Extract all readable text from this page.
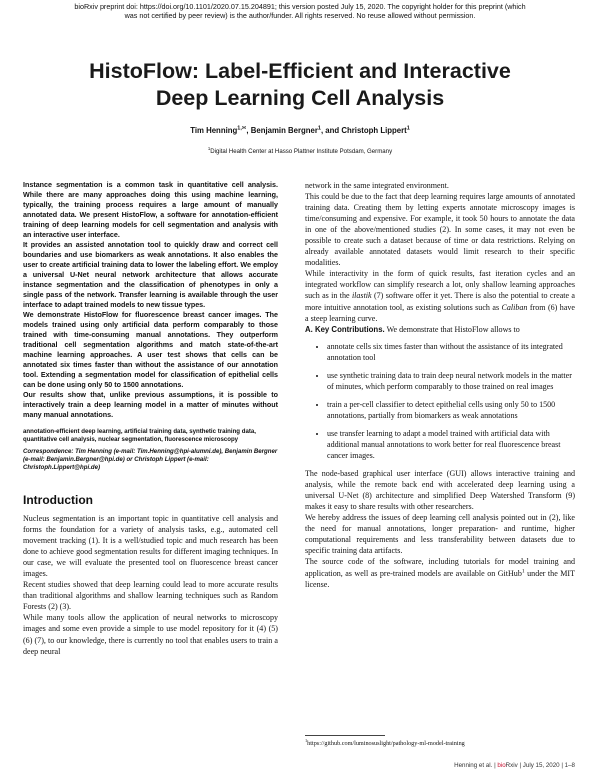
bioRxiv preprint doi: https://doi.org/10.1101/2020.07.15.204891; this version posted July 15, 2020. The copyright holder for this preprint (which

was not certified by peer review) is the author/funder. All rights reserved. No reuse allowed without permission.
HistoFlow: Label-Efficient and Interactive
Deep Learning Cell Analysis
Tim Henning$^{1,✉}$, Benjamin Bergner$^1$, and Christoph Lippert$^1$
$^1$Digital Health Center at Hasso Plattner Institute Potsdam, Germany

Instance segmentation is a common task in quantitative cell analysis. While there are many approaches doing this using machine learning, typically, the training process requires a large amount of manually annotated data. We present HistoFlow, a software for annotation-efficient training of deep learning models for cell segmentation and analysis with an interactive user interface.

It provides an assisted annotation tool to quickly draw and correct cell boundaries and use biomarkers as weak annotations. It also enables the user to create artificial training data to lower the labeling effort. We employ a universal U-Net neural network architecture that allows accurate instance segmentation and the classification of phenotypes in only a single pass of the network. Transfer learning is available through the user interface to adapt trained models to new tissue types.

We demonstrate HistoFlow for fluorescence breast cancer images. The models trained using only artificial data perform comparably to those trained with time-consuming manual annotations. They outperform traditional cell segmentation algorithms and match state-of-the-art machine learning approaches. A user test shows that cells can be annotated six times faster than without the assistance of our annotation tool. Extending a segmentation model for classification of epithelial cells can be done using only 50 to 1500 annotations.

Our results show that, unlike previous assumptions, it is possible to interactively train a deep learning model in a matter of minutes without many manual annotations.

annotation-efficient deep learning, artificial training data, synthetic training data, quantitative cell analysis, nuclear segmentation, fluorescence microscopy
Correspondence: Tim Henning (e-mail: Tim.Henning@hpi-alumni.de), Benjamin Bergner (e-mail: Benjamin.Bergner@hpi.de) or Christoph Lippert (e-mail: Christoph.Lippert@hpi.de)
Introduction

Nucleus segmentation is an important topic in quantitative cell analysis and forms the foundation for a variety of analysis tasks, e.g., automated cell movement tracking (1). It is a well/studied topic and much research has been done to achieve good segmentation results for different imaging techniques. In our case, we will evaluate the presented tool on fluorescence breast cancer images.

Recent studies showed that deep learning could lead to more accurate results than traditional algorithms and shallow learning techniques such as Random Forests (2) (3).

While many tools allow the application of neural networks to microscopy images and some even provide a simple to use model repository for it (4) (5) (6) (7), to our knowledge, there is currently no tool that enables users to train a deep neural

network in the same integrated environment.

This could be due to the fact that deep learning requires large amounts of annotated training data. Creating them by letting experts annotate microscopy images is time/consuming and expensive. For example, it took 50 hours to annotate the data in one of the above/mentioned studies (2). In some cases, it may not even be possible to create such a dataset because of time or data restrictions. Relying on already available annotated datasets would limit research to their specific modalities.

While interactivity in the form of quick results, fast iteration cycles and an integrated workflow can simplify research a lot, only shallow learning approaches such as in the ilastik (7) software offer it yet. There is also the potential to create a more intuitive annotation tool, as existing solutions such as Caliban from (6) have a steep learning curve.

A. Key Contributions. We demonstrate that HistoFlow allows to

• annotate cells six times faster than without the assistance of its integrated annotation tool
• use synthetic training data to train deep neural network models in the matter of minutes, which perform comparably to those trained on real images
• train a per-cell classifier to detect epithelial cells using only 50 to 1500 annotations, partially from biomarkers as weak annotations
• use transfer learning to adapt a model trained with artificial data with additional manual annotations to work better for real fluorescence breast cancer images.

The node-based graphical user interface (GUI) allows interactive training and analysis, while the remote back end with accelerated deep learning using a universal U-Net (8) architecture and simplified Deep Watershed Transform (9) makes it easy to share results with other researchers.

We hereby address the issues of deep learning cell analysis pointed out in (2), like the need for manual annotations, longer preparation- and runtime, higher computational requirements and less transferability between datasets due to specific training data artifacts.

The source code of the software, including tutorials for model training and application, as well as pre-trained models are available on GitHub$^1$ under the MIT license.

$^1$https://github.com/luminosuslight/pathology-ml-model-training
Henning et al. | bioRxiv | July 15, 2020 | 1–8
